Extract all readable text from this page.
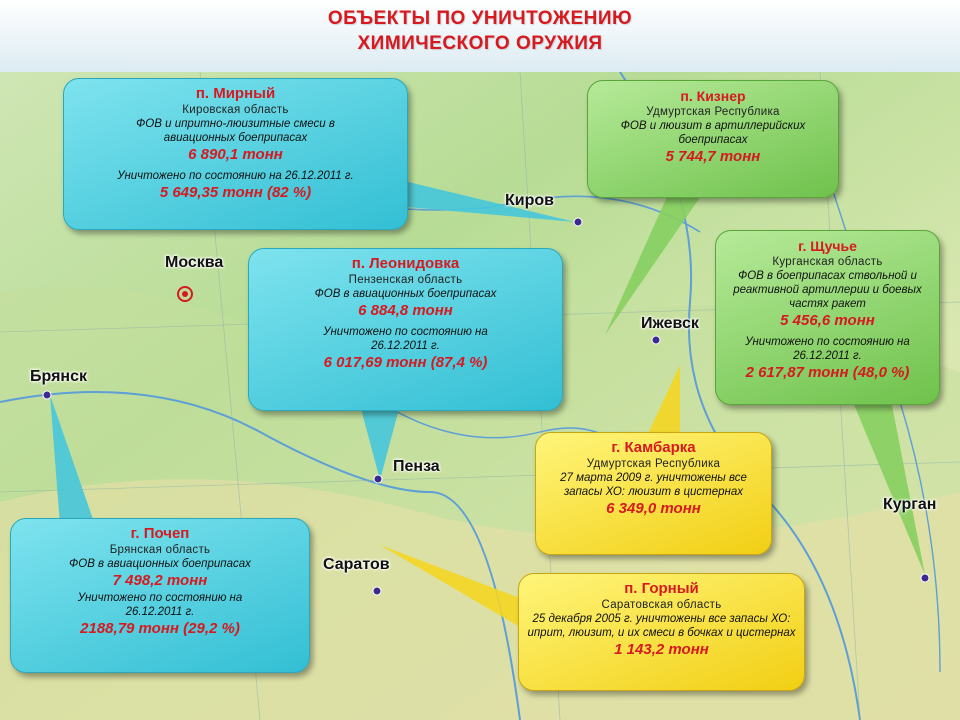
ОБЪЕКТЫ ПО УНИЧТОЖЕНИЮ
ХИМИЧЕСКОГО ОРУЖИЯ
Киров
Москва
Брянск
Ижевск
Пенза
Саратов
Курган
п. Мирный
Кировская область
ФОВ и ипритно-люизитные смеси в авиационных боеприпасах
6 890,1 тонн
Уничтожено по состоянию на 26.12.2011 г.
5 649,35 тонн (82 %)
п. Кизнер
Удмуртская Республика
ФОВ и люизит в артиллерийских боеприпасах
5 744,7 тонн
г. Щучье
Курганская область
ФОВ в боеприпасах ствольной и реактивной артиллерии и боевых частях ракет
5 456,6 тонн
Уничтожено по состоянию на 26.12.2011 г.
2 617,87 тонн (48,0 %)
п. Леонидовка
Пензенская область
ФОВ в авиационных боеприпасах
6 884,8 тонн
Уничтожено по состоянию на 26.12.2011 г.
6 017,69 тонн (87,4 %)
г. Камбарка
Удмуртская Республика
27 марта 2009 г. уничтожены все запасы ХО: люизит в цистернах
6 349,0 тонн
г. Почеп
Брянская область
ФОВ в авиационных боеприпасах
7 498,2 тонн
Уничтожено по состоянию на 26.12.2011 г.
2188,79 тонн (29,2 %)
п. Горный
Саратовская область
25 декабря 2005 г. уничтожены все запасы ХО: иприт, люизит, и их смеси в бочках и цистернах
1 143,2 тонн
